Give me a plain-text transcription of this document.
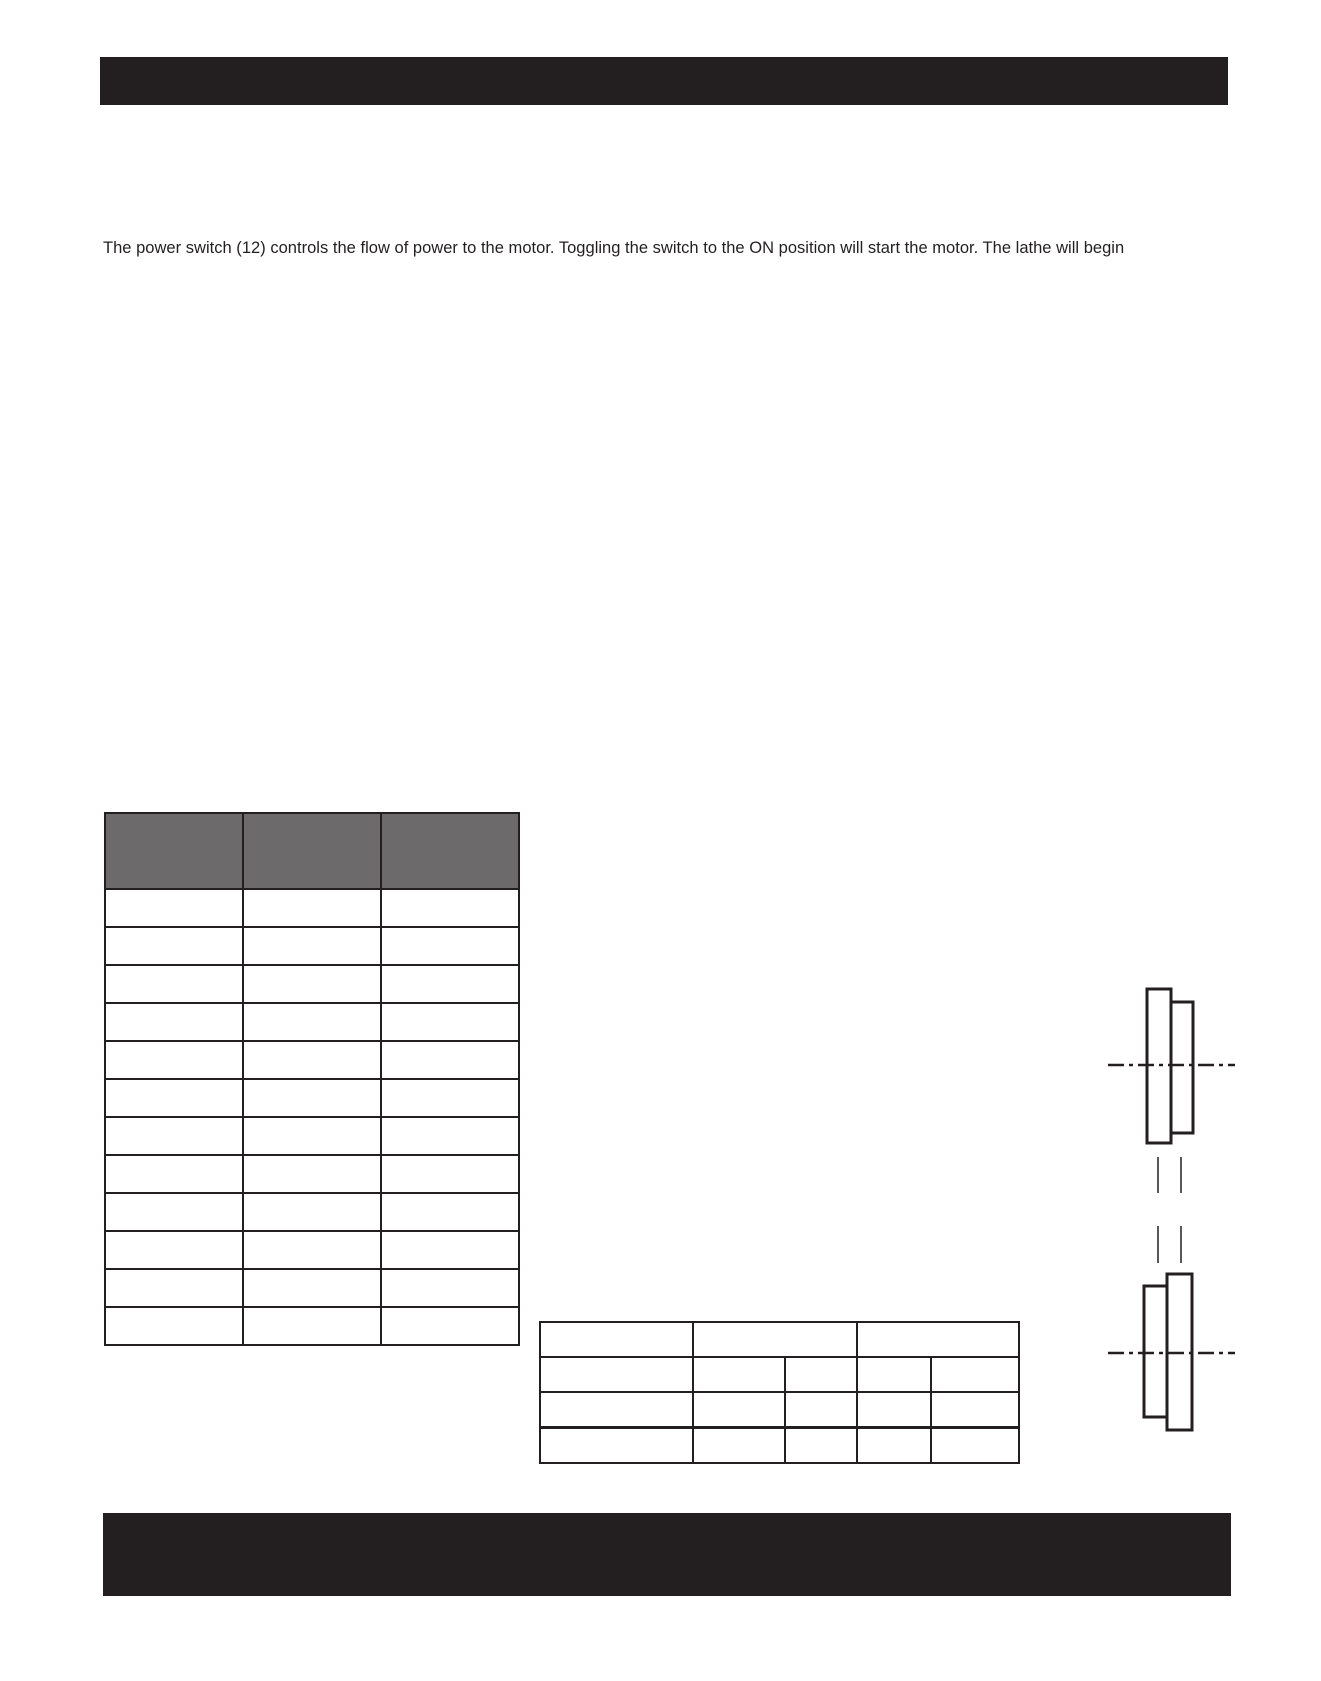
The power switch (12) controls the flow of power to the motor. Toggling the switch to the ON position will start the motor. The lathe will begin
